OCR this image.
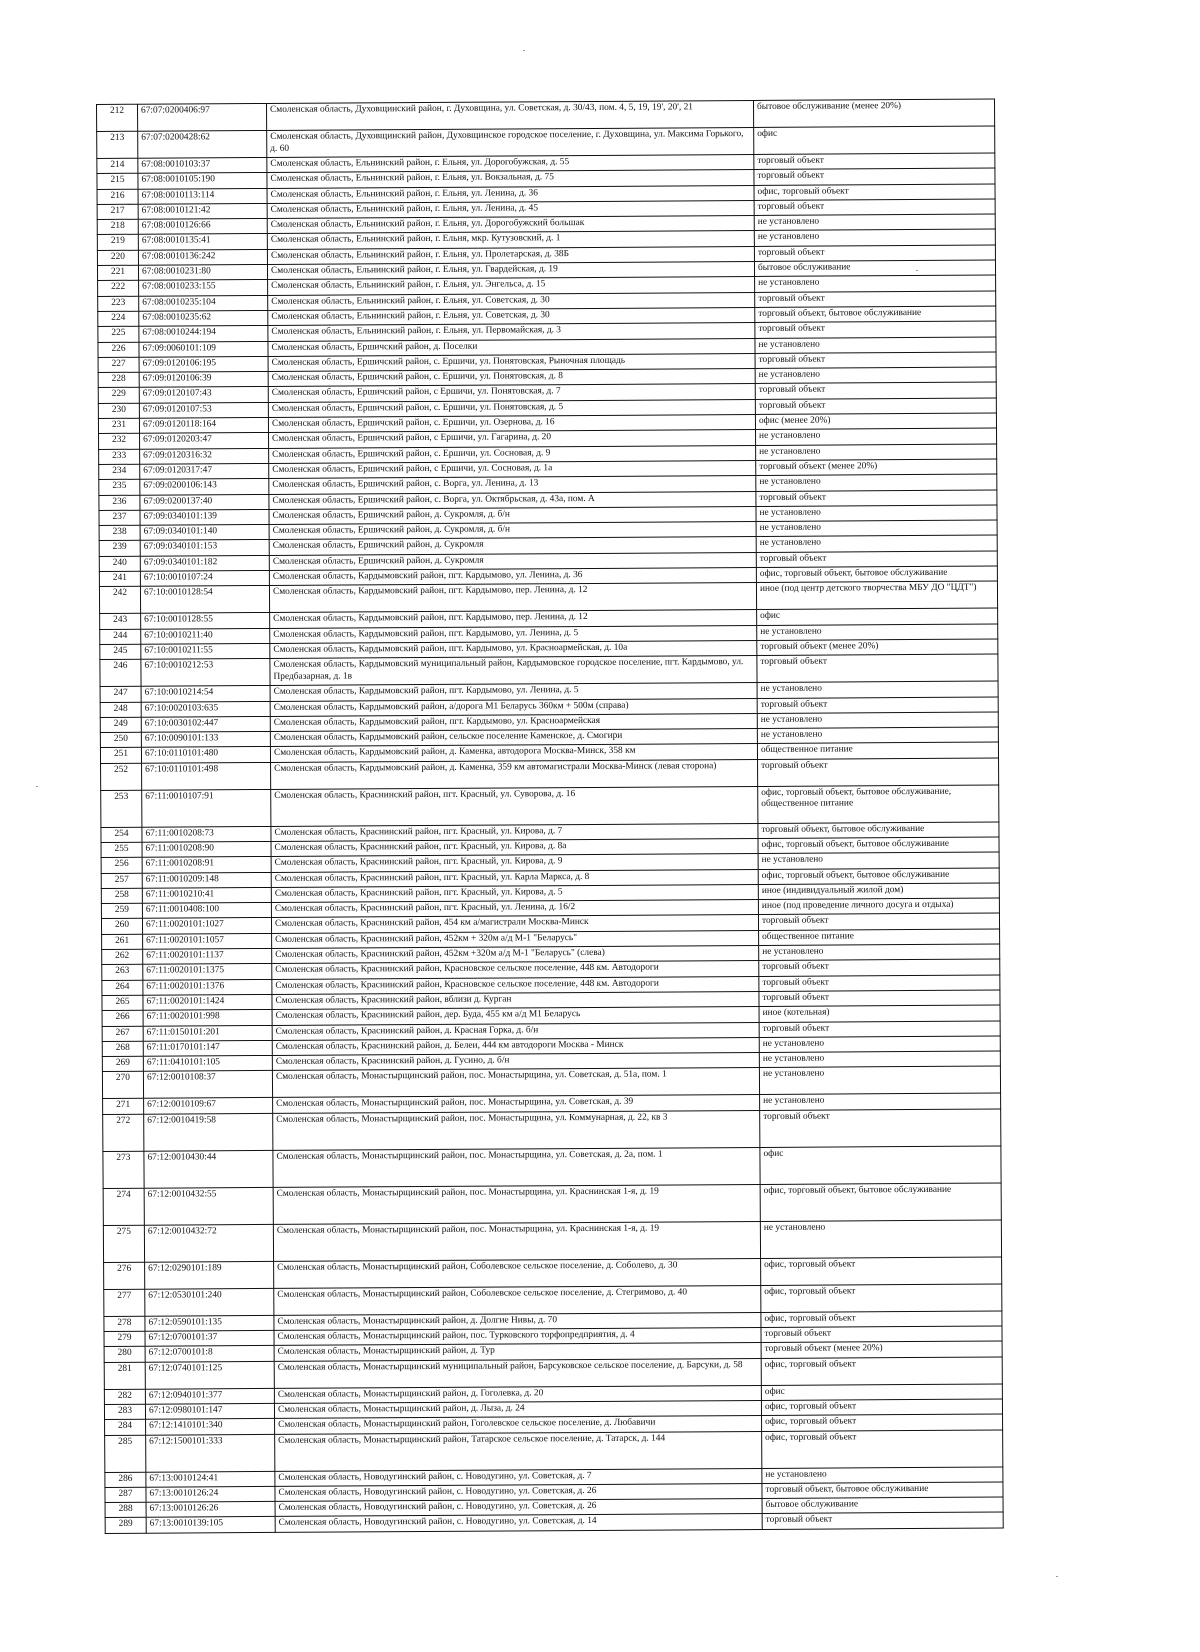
212	67:07:0200406:97	Смоленская область, Духовщинский район, г. Духовщина, ул. Советская, д. 30/43, пом. 4, 5, 19, 19', 20', 21	бытовое обслуживание (менее 20%)
213	67:07:0200428:62	Смоленская область, Духовщинский район, Духовщинское городское поселение, г. Духовщина, ул. Максима Горького, д. 60	офис
214	67:08:0010103:37	Смоленская область, Ельнинский район, г. Ельня, ул. Дорогобужская, д. 55	торговый объект
215	67:08:0010105:190	Смоленская область, Ельнинский район, г. Ельня, ул. Вокзальная, д. 75	торговый объект
216	67:08:0010113:114	Смоленская область, Ельнинский район, г. Ельня, ул. Ленина, д. 36	офис, торговый объект
217	67:08:0010121:42	Смоленская область, Ельнинский район, г. Ельня, ул. Ленина, д. 45	торговый объект
218	67:08:0010126:66	Смоленская область, Ельнинский район, г. Ельня, ул. Дорогобужский большак	не установлено
219	67:08:0010135:41	Смоленская область, Ельнинский район, г. Ельня, мкр. Кутузовский, д. 1	не установлено
220	67:08:0010136:242	Смоленская область, Ельнинский район, г. Ельня, ул. Пролетарская, д. 38Б	торговый объект
221	67:08:0010231:80	Смоленская область, Ельнинский район, г. Ельня, ул. Гвардейская, д. 19	бытовое обслуживание
222	67:08:0010233:155	Смоленская область, Ельнинский район, г. Ельня, ул. Энгельса, д. 15	не установлено
223	67:08:0010235:104	Смоленская область, Ельнинский район, г. Ельня, ул. Советская, д. 30	торговый объект
224	67:08:0010235:62	Смоленская область, Ельнинский район, г. Ельня, ул. Советская, д. 30	торговый объект, бытовое обслуживание
225	67:08:0010244:194	Смоленская область, Ельнинский район, г. Ельня, ул. Первомайская, д. 3	торговый объект
226	67:09:0060101:109	Смоленская область, Ершичский район, д. Поселки	не установлено
227	67:09:0120106:195	Смоленская область, Ершичский район, с. Ершичи, ул. Понятовская, Рыночная площадь	торговый объект
228	67:09:0120106:39	Смоленская область, Ершичский район, с. Ершичи, ул. Понятовская, д. 8	не установлено
229	67:09:0120107:43	Смоленская область, Ершичский район, с Ершичи, ул. Понятовская, д. 7	торговый объект
230	67:09:0120107:53	Смоленская область, Ершичский район, с. Ершичи, ул. Понятовская, д. 5	торговый объект
231	67:09:0120118:164	Смоленская область, Ершичский район, с. Ершичи, ул. Озернова, д. 16	офис (менее 20%)
232	67:09:0120203:47	Смоленская область, Ершичский район, с Ершичи, ул. Гагарина, д. 20	не установлено
233	67:09:0120316:32	Смоленская область, Ершичский район, с. Ершичи, ул. Сосновая, д. 9	не установлено
234	67:09:0120317:47	Смоленская область, Ершичский район, с Ершичи, ул. Сосновая, д. 1а	торговый объект (менее 20%)
235	67:09:0200106:143	Смоленская область, Ершичский район, с. Ворга, ул. Ленина, д. 13	не установлено
236	67:09:0200137:40	Смоленская область, Ершичский район, с. Ворга, ул. Октябрьская, д. 43а, пом. А	торговый объект
237	67:09:0340101:139	Смоленская область, Ершичский район, д. Сукромля, д. б/н	не установлено
238	67:09:0340101:140	Смоленская область, Ершичский район, д. Сукромля, д. б/н	не установлено
239	67:09:0340101:153	Смоленская область, Ершичский район, д. Сукромля	не установлено
240	67:09:0340101:182	Смоленская область, Ершичский район, д. Сукромля	торговый объект
241	67:10:0010107:24	Смоленская область, Кардымовский район, пгт. Кардымово, ул. Ленина, д. 36	офис, торговый объект, бытовое обслуживание
242	67:10:0010128:54	Смоленская область, Кардымовский район, пгт. Кардымово, пер. Ленина, д. 12	иное (под центр детского творчества МБУ ДО "ЦДТ")
243	67:10:0010128:55	Смоленская область, Кардымовский район, пгт. Кардымово, пер. Ленина, д. 12	офис
244	67:10:0010211:40	Смоленская область, Кардымовский район, пгт. Кардымово, ул. Ленина, д. 5	не установлено
245	67:10:0010211:55	Смоленская область, Кардымовский район, пгт. Кардымово, ул. Красноармейская, д. 10а	торговый объект (менее 20%)
246	67:10:0010212:53	Смоленская область, Кардымовский муниципальный район, Кардымовское городское поселение, пгт. Кардымово, ул. Предбазарная, д. 1в	торговый объект
247	67:10:0010214:54	Смоленская область, Кардымовский район, пгт. Кардымово, ул. Ленина, д. 5	не установлено
248	67:10:0020103:635	Смоленская область, Кардымовский район, а/дорога М1 Беларусь 360км + 500м (справа)	торговый объект
249	67:10:0030102:447	Смоленская область, Кардымовский район, пгт. Кардымово, ул. Красноармейская	не установлено
250	67:10:0090101:133	Смоленская область, Кардымовский район, сельское поселение Каменское, д. Смогири	не установлено
251	67:10:0110101:480	Смоленская область, Кардымовский район, д. Каменка, автодорога Москва-Минск, 358 км	общественное питание
252	67:10:0110101:498	Смоленская область, Кардымовский район, д. Каменка, 359 км автомагистрали Москва-Минск (левая сторона)	торговый объект
253	67:11:0010107:91	Смоленская область, Краснинский район, пгт. Красный, ул. Суворова, д. 16	офис, торговый объект, бытовое обслуживание, общественное питание
254	67:11:0010208:73	Смоленская область, Краснинский район, пгт. Красный, ул. Кирова, д. 7	торговый объект, бытовое обслуживание
255	67:11:0010208:90	Смоленская область, Краснинский район, пгт. Красный, ул. Кирова, д. 8а	офис, торговый объект, бытовое обслуживание
256	67:11:0010208:91	Смоленская область, Краснинский район, пгт. Красный, ул. Кирова, д. 9	не установлено
257	67:11:0010209:148	Смоленская область, Краснинский район, пгт. Красный, ул. Карла Маркса, д. 8	офис, торговый объект, бытовое обслуживание
258	67:11:0010210:41	Смоленская область, Краснинский район, пгт. Красный, ул. Кирова, д. 5	иное (индивидуальный жилой дом)
259	67:11:0010408:100	Смоленская область, Краснинский район, пгт. Красный, ул. Ленина, д. 16/2	иное (под проведение личного досуга и отдыха)
260	67:11:0020101:1027	Смоленская область, Краснинский район, 454 км а/магистрали Москва-Минск	торговый объект
261	67:11:0020101:1057	Смоленская область, Краснинский район, 452км + 320м а/д М-1 "Беларусь"	общественное питание
262	67:11:0020101:1137	Смоленская область, Краснинский район, 452км +320м а/д М-1 "Беларусь" (слева)	не установлено
263	67:11:0020101:1375	Смоленская область, Краснинский район, Красновское сельское поселение, 448 км. Автодороги	торговый объект
264	67:11:0020101:1376	Смоленская область, Краснинский район, Красновское сельское поселение, 448 км. Автодороги	торговый объект
265	67:11:0020101:1424	Смоленская область, Краснинский район, вблизи д. Курган	торговый объект
266	67:11:0020101:998	Смоленская область, Краснинский район, дер. Буда, 455 км а/д М1 Беларусь	иное (котельная)
267	67:11:0150101:201	Смоленская область, Краснинский район, д. Красная Горка, д. б/н	торговый объект
268	67:11:0170101:147	Смоленская область, Краснинский район, д. Белеи, 444 км автодороги Москва - Минск	не установлено
269	67:11:0410101:105	Смоленская область, Краснинский район, д. Гусино, д. б/н	не установлено
270	67:12:0010108:37	Смоленская область, Монастырщинский район, пос. Монастырщина, ул. Советская, д. 51а, пом. 1	не установлено
271	67:12:0010109:67	Смоленская область, Монастырщинский район, пос. Монастырщина, ул. Советская, д. 39	не установлено
272	67:12:0010419:58	Смоленская область, Монастырщинский район, пос. Монастырщина, ул. Коммунарная, д. 22, кв 3	торговый объект
273	67:12:0010430:44	Смоленская область, Монастырщинский район, пос. Монастырщина, ул. Советская, д. 2а, пом. 1	офис
274	67:12:0010432:55	Смоленская область, Монастырщинский район, пос. Монастырщина, ул. Краснинская 1-я, д. 19	офис, торговый объект, бытовое обслуживание
275	67:12:0010432:72	Смоленская область, Монастырщинский район, пос. Монастырщина, ул. Краснинская 1-я, д. 19	не установлено
276	67:12:0290101:189	Смоленская область, Монастырщинский район, Соболевское сельское поселение, д. Соболево, д. 30	офис, торговый объект
277	67:12:0530101:240	Смоленская область, Монастырщинский район, Соболевское сельское поселение, д. Стегримово, д. 40	офис, торговый объект
278	67:12:0590101:135	Смоленская область, Монастырщинский район, д. Долгие Нивы, д. 70	офис, торговый объект
279	67:12:0700101:37	Смоленская область, Монастырщинский район, пос. Турковского торфопредприятия, д. 4	торговый объект
280	67:12:0700101:8	Смоленская область, Монастырщинский район, д. Тур	торговый объект (менее 20%)
281	67:12:0740101:125	Смоленская область, Монастырщинский муниципальный район, Барсуковское сельское поселение, д. Барсуки, д. 58	офис, торговый объект
282	67:12:0940101:377	Смоленская область, Монастырщинский район, д. Гоголевка, д. 20	офис
283	67:12:0980101:147	Смоленская область, Монастырщинский район, д. Лыза, д. 24	офис, торговый объект
284	67:12:1410101:340	Смоленская область, Монастырщинский район, Гоголевское сельское поселение, д. Любавичи	офис, торговый объект
285	67:12:1500101:333	Смоленская область, Монастырщинский район, Татарское сельское поселение, д. Татарск, д. 144	офис, торговый объект
286	67:13:0010124:41	Смоленская область, Новодугинский район, с. Новодугино, ул. Советская, д. 7	не установлено
287	67:13:0010126:24	Смоленская область, Новодугинский район, с. Новодугино, ул. Советская, д. 26	торговый объект, бытовое обслуживание
288	67:13:0010126:26	Смоленская область, Новодугинский район, с. Новодугино, ул. Советская, д. 26	бытовое обслуживание
289	67:13:0010139:105	Смоленская область, Новодугинский район, с. Новодугино, ул. Советская, д. 14	торговый объект
